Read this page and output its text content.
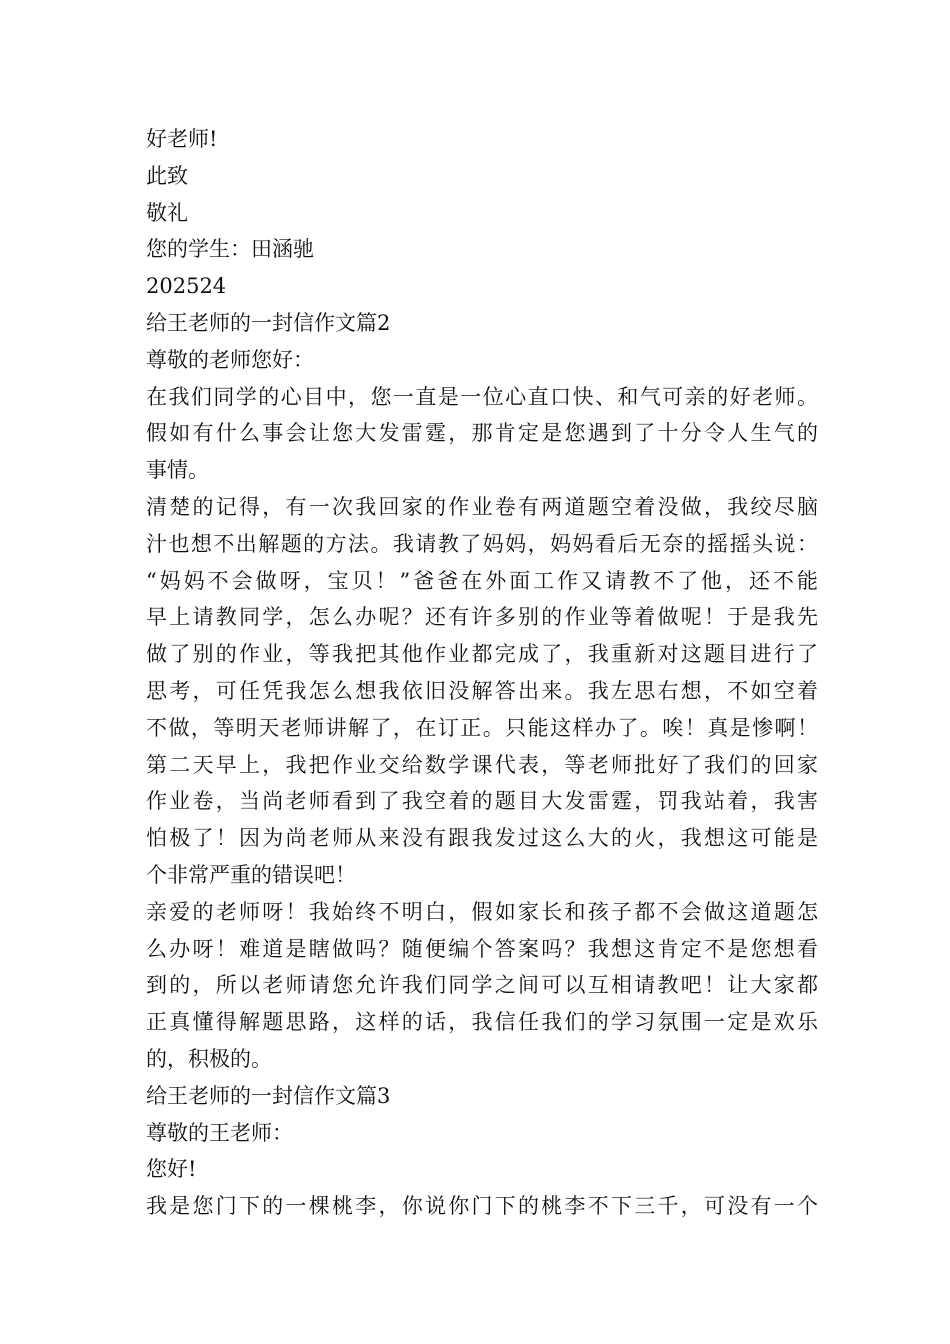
好老师!

此致

敬礼

您的学生：田涵驰

202524

给王老师的一封信作文篇2

尊敬的老师您好：

在我们同学的心目中，您一直是一位心直口快、和气可亲的好老师。

假如有什么事会让您大发雷霆，那肯定是您遇到了十分令人生气的

事情。

清楚的记得，有一次我回家的作业卷有两道题空着没做，我绞尽脑

汁也想不出解题的方法。我请教了妈妈，妈妈看后无奈的摇摇头说：

“妈妈不会做呀，宝贝！”爸爸在外面工作又请教不了他，还不能

早上请教同学，怎么办呢？还有许多别的作业等着做呢！于是我先

做了别的作业，等我把其他作业都完成了，我重新对这题目进行了

思考，可任凭我怎么想我依旧没解答出来。我左思右想，不如空着

不做，等明天老师讲解了，在订正。只能这样办了。唉！真是惨啊！

第二天早上，我把作业交给数学课代表，等老师批好了我们的回家

作业卷，当尚老师看到了我空着的题目大发雷霆，罚我站着，我害

怕极了！因为尚老师从来没有跟我发过这么大的火，我想这可能是

个非常严重的错误吧！

亲爱的老师呀！我始终不明白，假如家长和孩子都不会做这道题怎

么办呀！难道是瞎做吗？随便编个答案吗？我想这肯定不是您想看

到的，所以老师请您允许我们同学之间可以互相请教吧！让大家都

正真懂得解题思路，这样的话，我信任我们的学习氛围一定是欢乐

的，积极的。

给王老师的一封信作文篇3

尊敬的王老师：

您好!

我是您门下的一棵桃李，你说你门下的桃李不下三千，可没有一个
